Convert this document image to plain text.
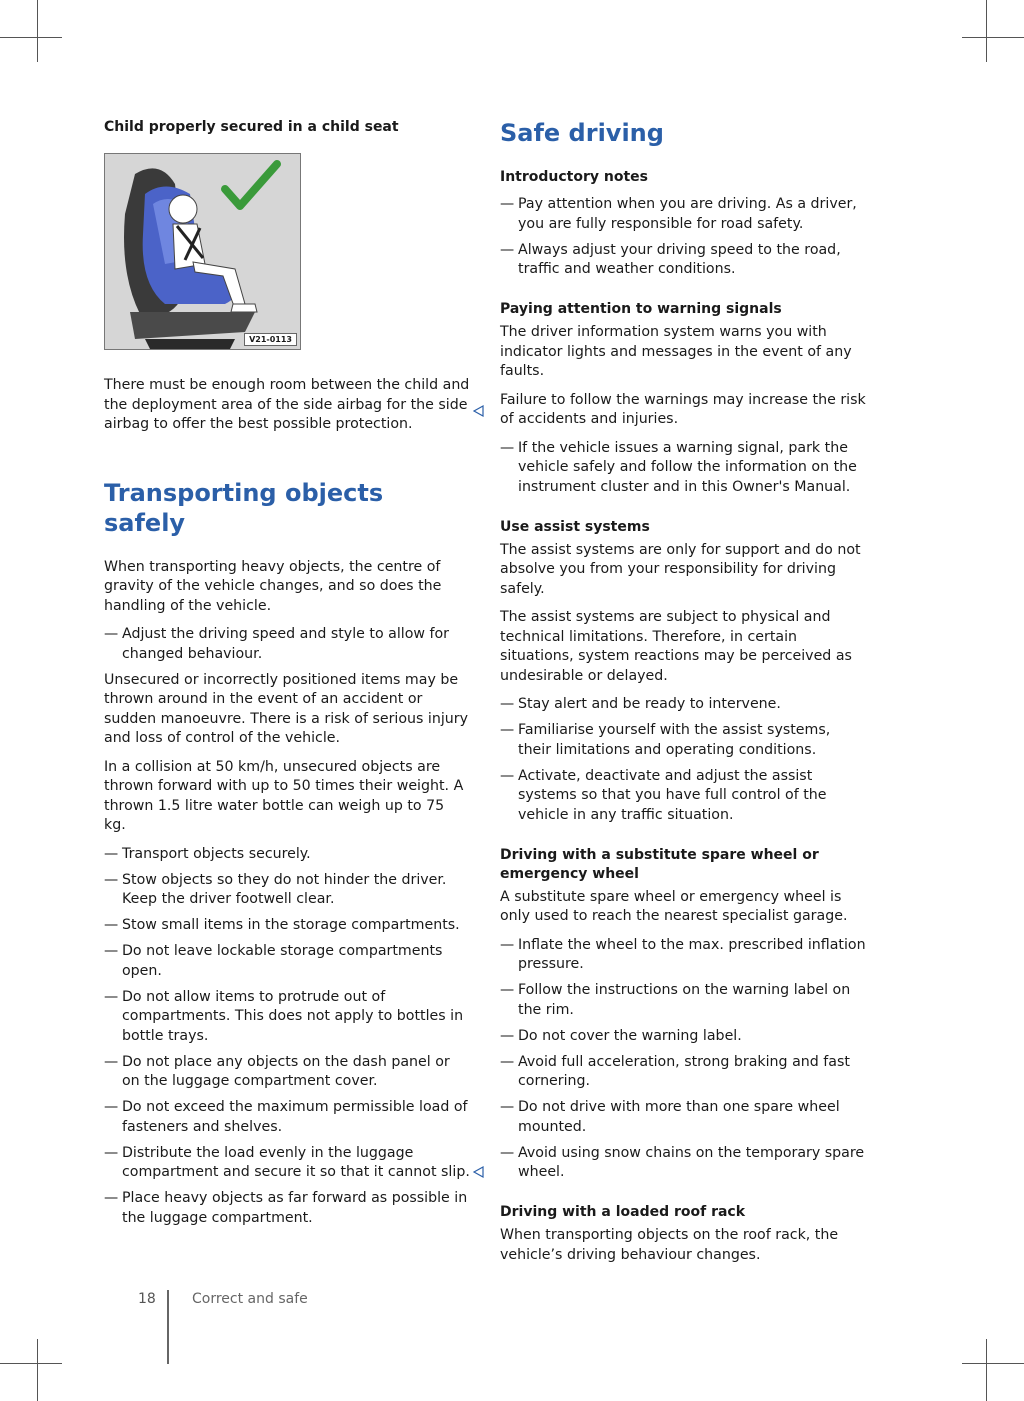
Child properly secured in a child seat
V21-0113

There must be enough room between the child and the deployment area of the side airbag for the side airbag to offer the best possible protection.

Transporting objects safely

When transporting heavy objects, the centre of gravity of the vehicle changes, and so does the handling of the vehicle.

— Adjust the driving speed and style to allow for changed behaviour.

Unsecured or incorrectly positioned items may be thrown around in the event of an accident or sudden manoeuvre. There is a risk of serious injury and loss of control of the vehicle.

In a collision at 50 km/h, unsecured objects are thrown forward with up to 50 times their weight. A thrown 1.5 litre water bottle can weigh up to 75 kg.

— Transport objects securely.
— Stow objects so they do not hinder the driver. Keep the driver footwell clear.
— Stow small items in the storage compartments.
— Do not leave lockable storage compartments open.
— Do not allow items to protrude out of compartments. This does not apply to bottles in bottle trays.
— Do not place any objects on the dash panel or on the luggage compartment cover.
— Do not exceed the maximum permissible load of fasteners and shelves.
— Distribute the load evenly in the luggage compartment and secure it so that it cannot slip.
— Place heavy objects as far forward as possible in the luggage compartment.
Safe driving
Introductory notes
— Pay attention when you are driving. As a driver, you are fully responsible for road safety.
— Always adjust your driving speed to the road, traffic and weather conditions.
Paying attention to warning signals

The driver information system warns you with indicator lights and messages in the event of any faults.

Failure to follow the warnings may increase the risk of accidents and injuries.

— If the vehicle issues a warning signal, park the vehicle safely and follow the information on the instrument cluster and in this Owner's Manual.
Use assist systems

The assist systems are only for support and do not absolve you from your responsibility for driving safely.

The assist systems are subject to physical and technical limitations. Therefore, in certain situations, system reactions may be perceived as undesirable or delayed.

— Stay alert and be ready to intervene.
— Familiarise yourself with the assist systems, their limitations and operating conditions.
— Activate, deactivate and adjust the assist systems so that you have full control of the vehicle in any traffic situation.
Driving with a substitute spare wheel or emergency wheel

A substitute spare wheel or emergency wheel is only used to reach the nearest specialist garage.

— Inflate the wheel to the max. prescribed inflation pressure.
— Follow the instructions on the warning label on the rim.
— Do not cover the warning label.
— Avoid full acceleration, strong braking and fast cornering.
— Do not drive with more than one spare wheel mounted.
— Avoid using snow chains on the temporary spare wheel.
Driving with a loaded roof rack

When transporting objects on the roof rack, the vehicle’s driving behaviour changes.

18	Correct and safe
